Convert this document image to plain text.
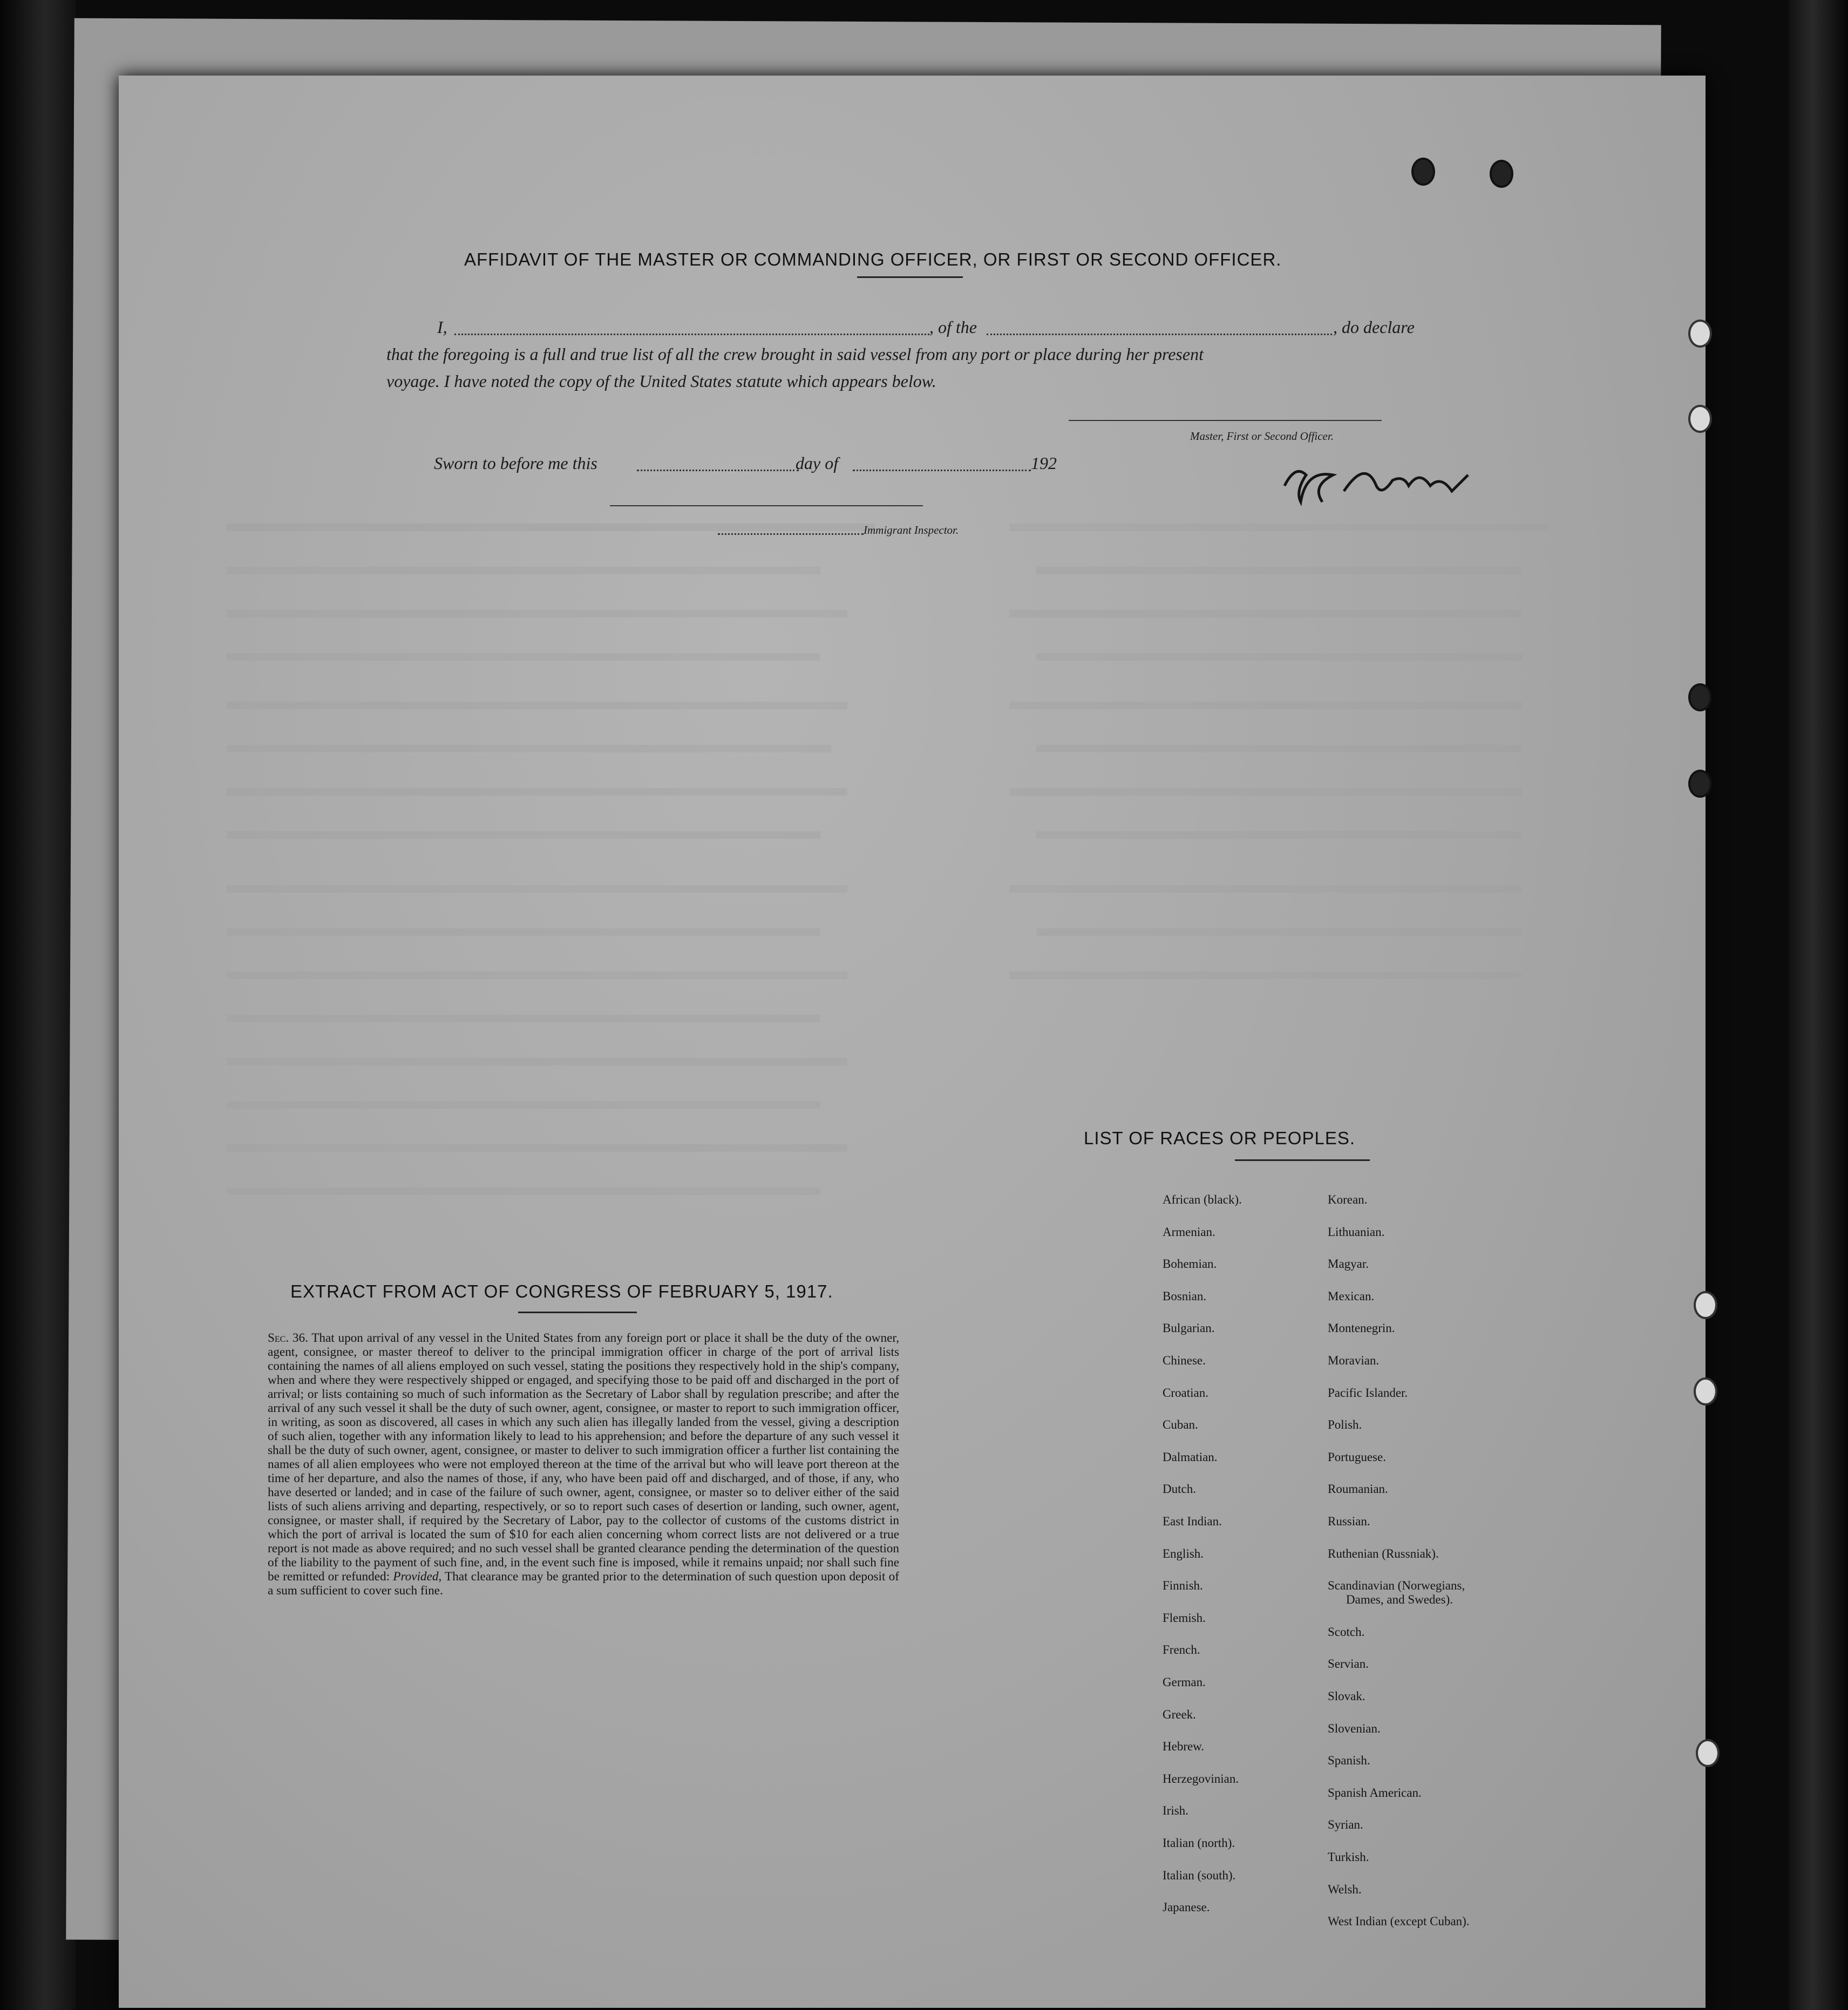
AFFIDAVIT OF THE MASTER OR COMMANDING OFFICER, OR FIRST OR SECOND OFFICER.
I,	, of the	, do declare
that the foregoing is a full and true list of all the crew brought in said vessel from any port or place during her present
voyage. I have noted the copy of the United States statute which appears below.
Master, First or Second Officer.
Sworn to before me this	day of	192
Immigrant Inspector.
EXTRACT FROM ACT OF CONGRESS OF FEBRUARY 5, 1917.
Sec. 36. That upon arrival of any vessel in the United States from any foreign port or place it shall be the duty of the owner, agent, consignee, or master thereof to deliver to the principal immigration officer in charge of the port of arrival lists containing the names of all aliens employed on such vessel, stating the positions they respectively hold in the ship's company, when and where they were respectively shipped or engaged, and specifying those to be paid off and discharged in the port of arrival; or lists containing so much of such information as the Secretary of Labor shall by regulation prescribe; and after the arrival of any such vessel it shall be the duty of such owner, agent, consignee, or master to report to such immigration officer, in writing, as soon as discovered, all cases in which any such alien has illegally landed from the vessel, giving a description of such alien, together with any information likely to lead to his apprehension; and before the departure of any such vessel it shall be the duty of such owner, agent, consignee, or master to deliver to such immigration officer a further list containing the names of all alien employees who were not employed thereon at the time of the arrival but who will leave port thereon at the time of her departure, and also the names of those, if any, who have been paid off and discharged, and of those, if any, who have deserted or landed; and in case of the failure of such owner, agent, consignee, or master so to deliver either of the said lists of such aliens arriving and departing, respectively, or so to report such cases of desertion or landing, such owner, agent, consignee, or master shall, if required by the Secretary of Labor, pay to the collector of customs of the customs district in which the port of arrival is located the sum of $10 for each alien concerning whom correct lists are not delivered or a true report is not made as above required; and no such vessel shall be granted clearance pending the determination of the question of the liability to the payment of such fine, and, in the event such fine is imposed, while it remains unpaid; nor shall such fine be remitted or refunded: Provided, That clearance may be granted prior to the determination of such question upon deposit of a sum sufficient to cover such fine.
LIST OF RACES OR PEOPLES.
African (black).
Armenian.
Bohemian.
Bosnian.
Bulgarian.
Chinese.
Croatian.
Cuban.
Dalmatian.
Dutch.
East Indian.
English.
Finnish.
Flemish.
French.
German.
Greek.
Hebrew.
Herzegovinian.
Irish.
Italian (north).
Italian (south).
Japanese.
Korean.
Lithuanian.
Magyar.
Mexican.
Montenegrin.
Moravian.
Pacific Islander.
Polish.
Portuguese.
Roumanian.
Russian.
Ruthenian (Russniak).
Scandinavian (Norwegians,
Dames, and Swedes).
Scotch.
Servian.
Slovak.
Slovenian.
Spanish.
Spanish American.
Syrian.
Turkish.
Welsh.
West Indian (except Cuban).
